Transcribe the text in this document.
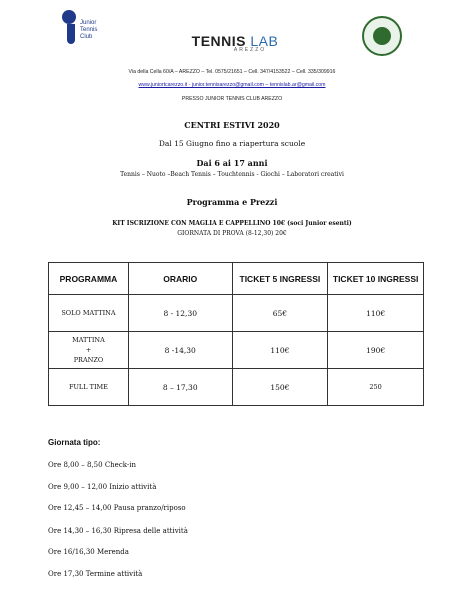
Junior
Tennis
Club	TENNIS LAB
AREZZO
Via della Cella 60/A – AREZZO – Tel. 0575/21651 – Cell. 347/4153522 – Cell. 335/309916
www.juniortcarezzo.it - junior.tennisarezzo@gmail.com – tennislab.ar@gmail.com
PRESSO JUNIOR TENNIS CLUB AREZZO
CENTRI ESTIVI 2020
Dal 15 Giugno fino a riapertura scuole
Dai 6 ai 17 anni
Tennis – Nuoto –Beach Tennis – Touchtennis - Giochi – Laboratori creativi
Programma e Prezzi
KIT ISCRIZIONE CON MAGLIA E CAPPELLINO 10€ (soci Junior esenti)
GIORNATA DI PROVA (8-12,30) 20€
PROGRAMMA	ORARIO	TICKET 5 INGRESSI	TICKET 10 INGRESSI
SOLO MATTINA	8 - 12,30	65€	110€
MATTINA
+
PRANZO	8 -14,30	110€	190€
FULL TIME	8 – 17,30	150€	250
Giornata tipo:
Ore 8,00 – 8,50 Check-in
Ore 9,00 – 12,00 Inizio attività
Ore 12,45 – 14,00 Pausa pranzo/riposo
Ore 14,30 – 16,30 Ripresa delle attività
Ore 16/16,30 Merenda
Ore 17,30 Termine attività
